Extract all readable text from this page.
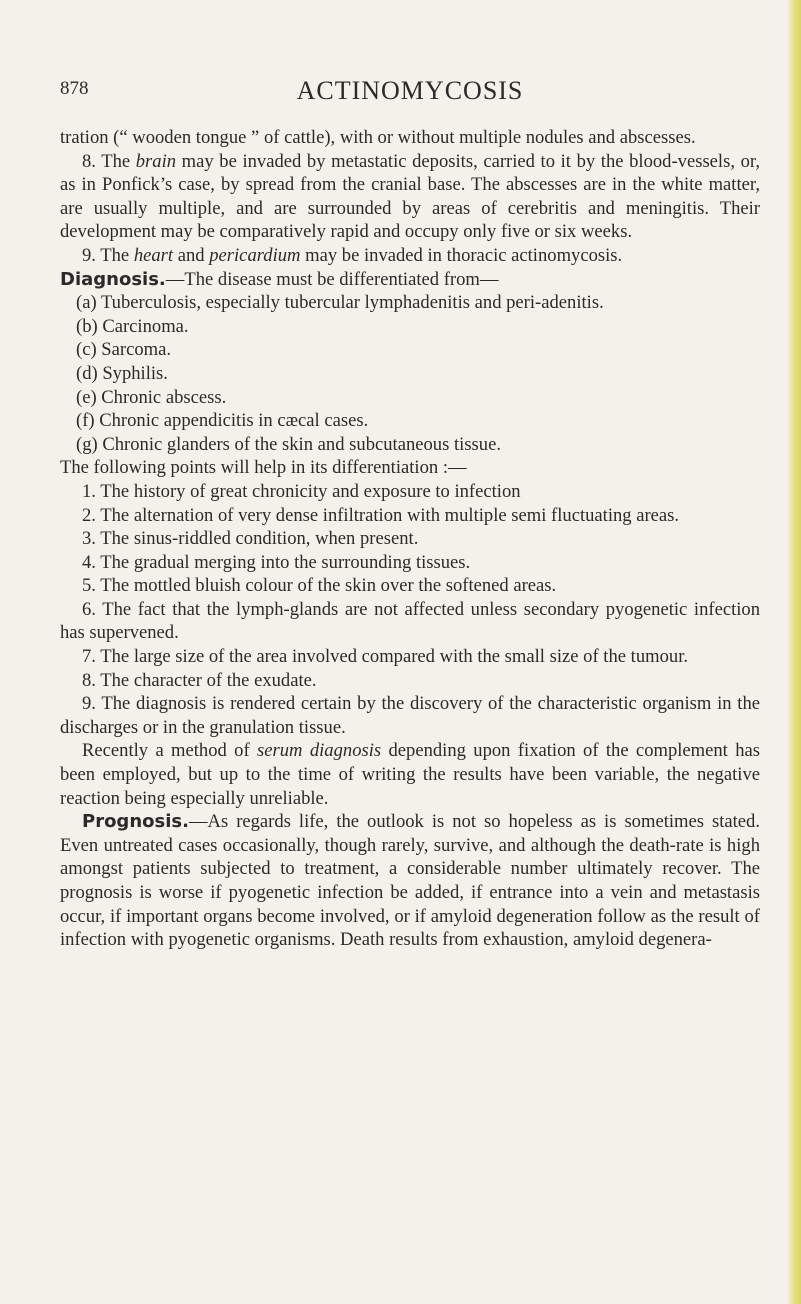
878	ACTINOMYCOSIS

tration (“ wooden tongue ” of cattle), with or without multiple nodules and abscesses.

8. The brain may be invaded by metastatic deposits, carried to it by the blood-vessels, or, as in Ponfick’s case, by spread from the cranial base. The abscesses are in the white matter, are usually multiple, and are surrounded by areas of cerebritis and meningitis. Their development may be comparatively rapid and occupy only five or six weeks.

9. The heart and pericardium may be invaded in thoracic actinomycosis.

Diagnosis.—The disease must be differentiated from—

(a) Tuberculosis, especially tubercular lymphadenitis and peri-adenitis.

(b) Carcinoma.

(c) Sarcoma.

(d) Syphilis.

(e) Chronic abscess.

(f) Chronic appendicitis in cæcal cases.

(g) Chronic glanders of the skin and subcutaneous tissue.

The following points will help in its differentiation :—

1. The history of great chronicity and exposure to infection

2. The alternation of very dense infiltration with multiple semi fluctuating areas.

3. The sinus-riddled condition, when present.

4. The gradual merging into the surrounding tissues.

5. The mottled bluish colour of the skin over the softened areas.

6. The fact that the lymph-glands are not affected unless secondary pyogenetic infection has supervened.

7. The large size of the area involved compared with the small size of the tumour.

8. The character of the exudate.

9. The diagnosis is rendered certain by the discovery of the characteristic organism in the discharges or in the granulation tissue.

Recently a method of serum diagnosis depending upon fixation of the complement has been employed, but up to the time of writing the results have been variable, the negative reaction being especially unreliable.

Prognosis.—As regards life, the outlook is not so hopeless as is sometimes stated. Even untreated cases occasionally, though rarely, survive, and although the death-rate is high amongst patients subjected to treatment, a considerable number ultimately recover. The prognosis is worse if pyogenetic infection be added, if entrance into a vein and metastasis occur, if important organs become involved, or if amyloid degeneration follow as the result of infection with pyogenetic organisms. Death results from exhaustion, amyloid degenera-
